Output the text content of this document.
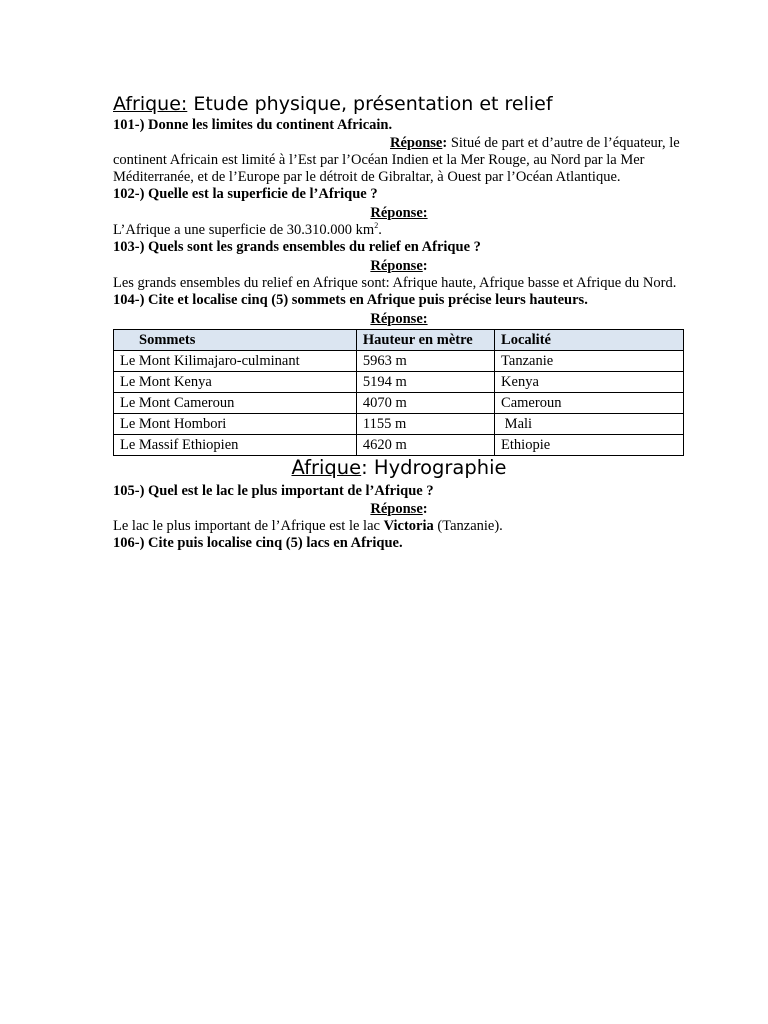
Afrique: Etude physique, présentation et relief
101-) Donne les limites du continent Africain.
Réponse: Situé de part et d’autre de l’équateur, le continent Africain est limité à l’Est par l’Océan Indien et la Mer Rouge, au Nord par la Mer Méditerranée, et de l’Europe par le détroit de Gibraltar, à Ouest par l’Océan Atlantique.
102-) Quelle est la superficie de l’Afrique ?
Réponse:
L’Afrique a une superficie de 30.310.000 $km^2$.
103-) Quels sont les grands ensembles du relief en Afrique ?
Réponse:
Les grands ensembles du relief en Afrique sont: Afrique haute, Afrique basse et Afrique du Nord.
104-) Cite et localise cinq (5) sommets en Afrique puis précise leurs hauteurs.
Réponse:
Sommets	Hauteur en mètre	Localité
Le Mont Kilimajaro-culminant	5963 m	Tanzanie
Le Mont Kenya	5194 m	Kenya
Le Mont Cameroun	4070 m	Cameroun
Le Mont Hombori	1155 m	Mali
Le Massif Ethiopien	4620 m	Ethiopie
Afrique: Hydrographie
105-) Quel est le lac le plus important de l’Afrique ?
Réponse:
Le lac le plus important de l’Afrique est le lac Victoria (Tanzanie).
106-) Cite puis localise cinq (5) lacs en Afrique.
